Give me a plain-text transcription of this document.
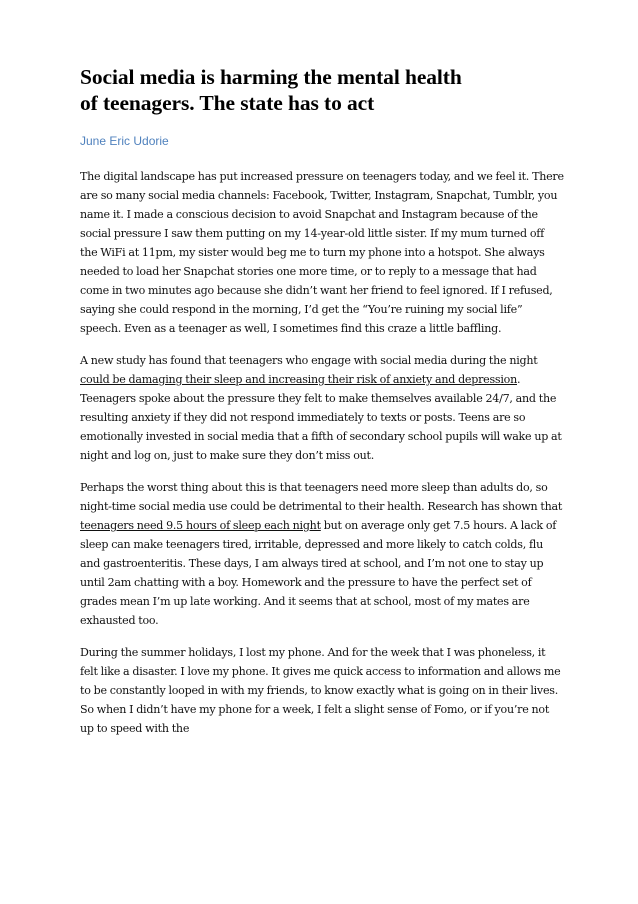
Social media is harming the mental health
of teenagers. The state has to act
June Eric Udorie

The digital landscape has put increased pressure on teenagers today, and we feel it. There are so many social media channels: Facebook, Twitter, Instagram, Snapchat, Tumblr, you name it. I made a conscious decision to avoid Snapchat and Instagram because of the social pressure I saw them putting on my 14-year-old little sister. If my mum turned off the WiFi at 11pm, my sister would beg me to turn my phone into a hotspot. She always needed to load her Snapchat stories one more time, or to reply to a message that had come in two minutes ago because she didn’t want her friend to feel ignored. If I refused, saying she could respond in the morning, I’d get the “You’re ruining my social life” speech. Even as a teenager as well, I sometimes find this craze a little baffling.

A new study has found that teenagers who engage with social media during the night could be damaging their sleep and increasing their risk of anxiety and depression. Teenagers spoke about the pressure they felt to make themselves available 24/7, and the resulting anxiety if they did not respond immediately to texts or posts. Teens are so emotionally invested in social media that a fifth of secondary school pupils will wake up at night and log on, just to make sure they don’t miss out.

Perhaps the worst thing about this is that teenagers need more sleep than adults do, so night-time social media use could be detrimental to their health. Research has shown that teenagers need 9.5 hours of sleep each night but on average only get 7.5 hours. A lack of sleep can make teenagers tired, irritable, depressed and more likely to catch colds, flu and gastroenteritis. These days, I am always tired at school, and I’m not one to stay up until 2am chatting with a boy. Homework and the pressure to have the perfect set of grades mean I’m up late working. And it seems that at school, most of my mates are exhausted too.

During the summer holidays, I lost my phone. And for the week that I was phoneless, it felt like a disaster. I love my phone. It gives me quick access to information and allows me to be constantly looped in with my friends, to know exactly what is going on in their lives. So when I didn’t have my phone for a week, I felt a slight sense of Fomo, or if you’re not up to speed with the
